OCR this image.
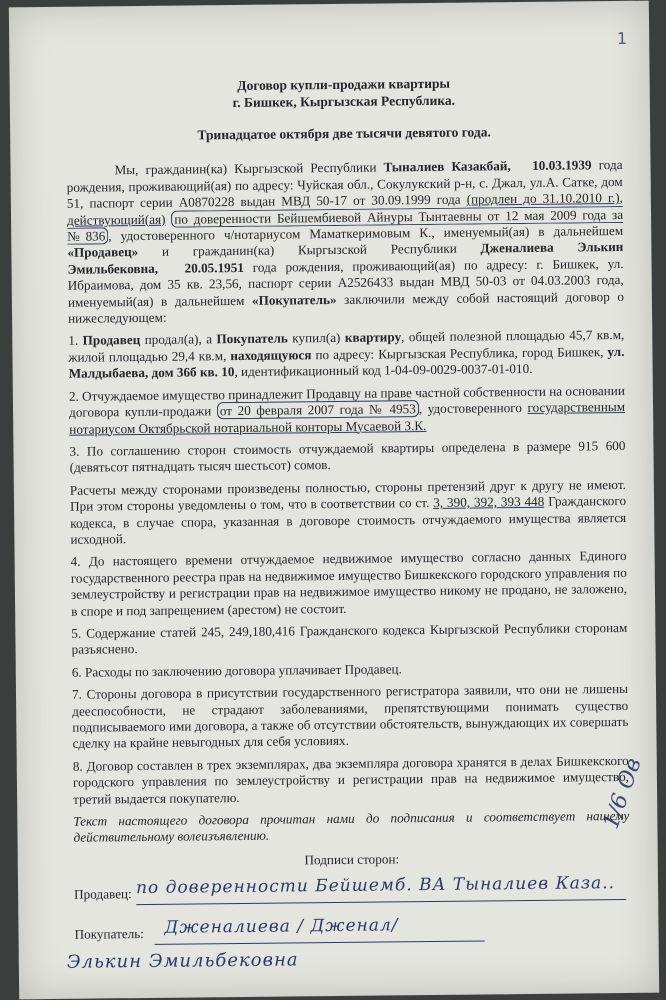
1
1/6 Ов
Договор купли-продажи квартиры
г. Бишкек, Кыргызская Республика.
Тринадцатое октября две тысячи девятого года.

Мы, гражданин(ка) Кыргызской Республики Тыналиев Казакбай, 10.03.1939 года рождения, проживающий(ая) по адресу: Чуйская обл., Сокулукский р-н, с. Джал, ул.А. Сатке, дом 51, паспорт серии А0870228 выдан МВД 50-17 от 30.09.1999 года (продлен до 31.10.2010 г.), действующий(ая) по доверенности Бейшембиевой Айнуры Тынтаевны от 12 мая 2009 года за №836 , удостоверенного ч/нотариусом Маматкеримовым К., именуемый(ая) в дальнейшем «Продавец» и гражданин(ка) Кыргызской Республики Дженалиева Элькин Эмильбековна, 20.05.1951 года рождения, проживающий(ая) по адресу: г. Бишкек, ул. Ибраимова, дом 35 кв. 23,56, паспорт серии А2526433 выдан МВД 50-03 от 04.03.2003 года, именуемый(ая) в дальнейшем «Покупатель» заключили между собой настоящий договор о нижеследующем:

1. Продавец продал(а), а Покупатель купил(а) квартиру, общей полезной площадью 45,7 кв.м, жилой площадью 29,4 кв.м, находящуюся по адресу: Кыргызская Республика, город Бишкек, ул. Малдыбаева, дом 36б кв. 10, идентификационный код 1-04-09-0029-0037-01-010.

2. Отчуждаемое имущество принадлежит Продавцу на праве частной собственности на основании договора купли-продажи от 20 февраля 2007 года № 4953 , удостоверенного государственным нотариусом Октябрьской нотариальной конторы Мусаевой З.К.

3. По соглашению сторон стоимость отчуждаемой квартиры определена в размере 915 600 (девятьсот пятнадцать тысяч шестьсот) сомов.

Расчеты между сторонами произведены полностью, стороны претензий друг к другу не имеют. При этом стороны уведомлены о том, что в соответствии со ст. 3, 390, 392, 393 448 Гражданского кодекса, в случае спора, указанная в договоре стоимость отчуждаемого имущества является исходной.

4. До настоящего времени отчуждаемое недвижимое имущество согласно данных Единого государственного реестра прав на недвижимое имущество Бишкекского городского управления по землеустройству и регистрации прав на недвижимое имущество никому не продано, не заложено, в споре и под запрещением (арестом) не состоит.

5. Содержание статей 245, 249,180,416 Гражданского кодекса Кыргызской Республики сторонам разъяснено.

6. Расходы по заключению договора уплачивает Продавец.

7. Стороны договора в присутствии государственного регистратора заявили, что они не лишены дееспособности, не страдают заболеваниями, препятствующими понимать существо подписываемого ими договора, а также об отсутствии обстоятельств, вынуждающих их совершать сделку на крайне невыгодных для себя условиях.

8. Договор составлен в трех экземплярах, два экземпляра договора хранятся в делах Бишкекского городского управления по землеустройству и регистрации прав на недвижимое имущество, третий выдается покупателю.

Текст настоящего договора прочитан нами до подписания и соответствует нашему действительному волеизъявлению.

Подписи сторон:
Продавец: по доверенности Бейшемб. ВА Тыналиев Каза..
Покупатель: Дженалиева / Дженал/
Элькин Эмильбековна
